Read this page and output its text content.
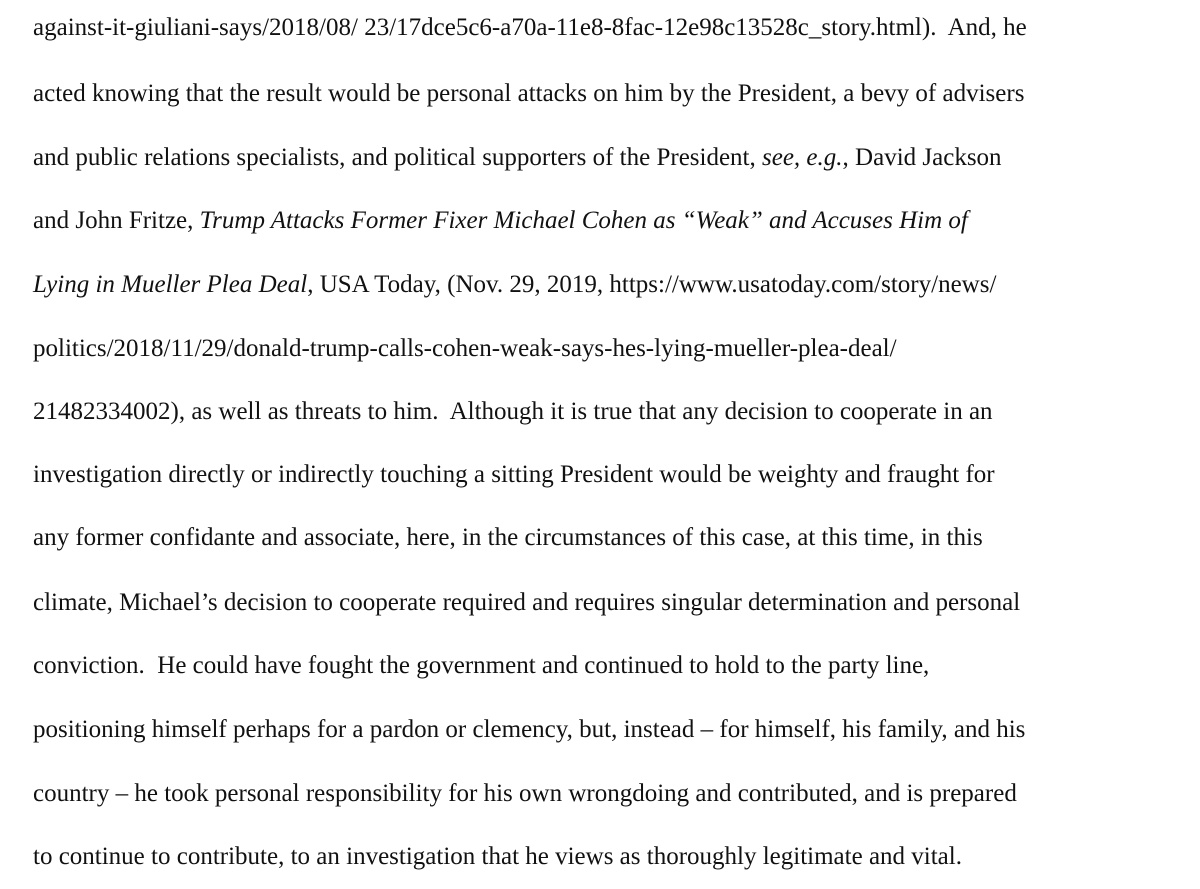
against-it-giuliani-says/2018/08/ 23/17dce5c6-a70a-11e8-8fac-12e98c13528c_story.html).  And, he
acted knowing that the result would be personal attacks on him by the President, a bevy of advisers
and public relations specialists, and political supporters of the President, see, e.g., David Jackson
and John Fritze, Trump Attacks Former Fixer Michael Cohen as “Weak” and Accuses Him of
Lying in Mueller Plea Deal, USA Today, (Nov. 29, 2019, https://www.usatoday.com/story/news/
politics/2018/11/29/donald-trump-calls-cohen-weak-says-hes-lying-mueller-plea-deal/
21482334002), as well as threats to him.  Although it is true that any decision to cooperate in an
investigation directly or indirectly touching a sitting President would be weighty and fraught for
any former confidante and associate, here, in the circumstances of this case, at this time, in this
climate, Michael’s decision to cooperate required and requires singular determination and personal
conviction.  He could have fought the government and continued to hold to the party line,
positioning himself perhaps for a pardon or clemency, but, instead – for himself, his family, and his
country – he took personal responsibility for his own wrongdoing and contributed, and is prepared
to continue to contribute, to an investigation that he views as thoroughly legitimate and vital.
